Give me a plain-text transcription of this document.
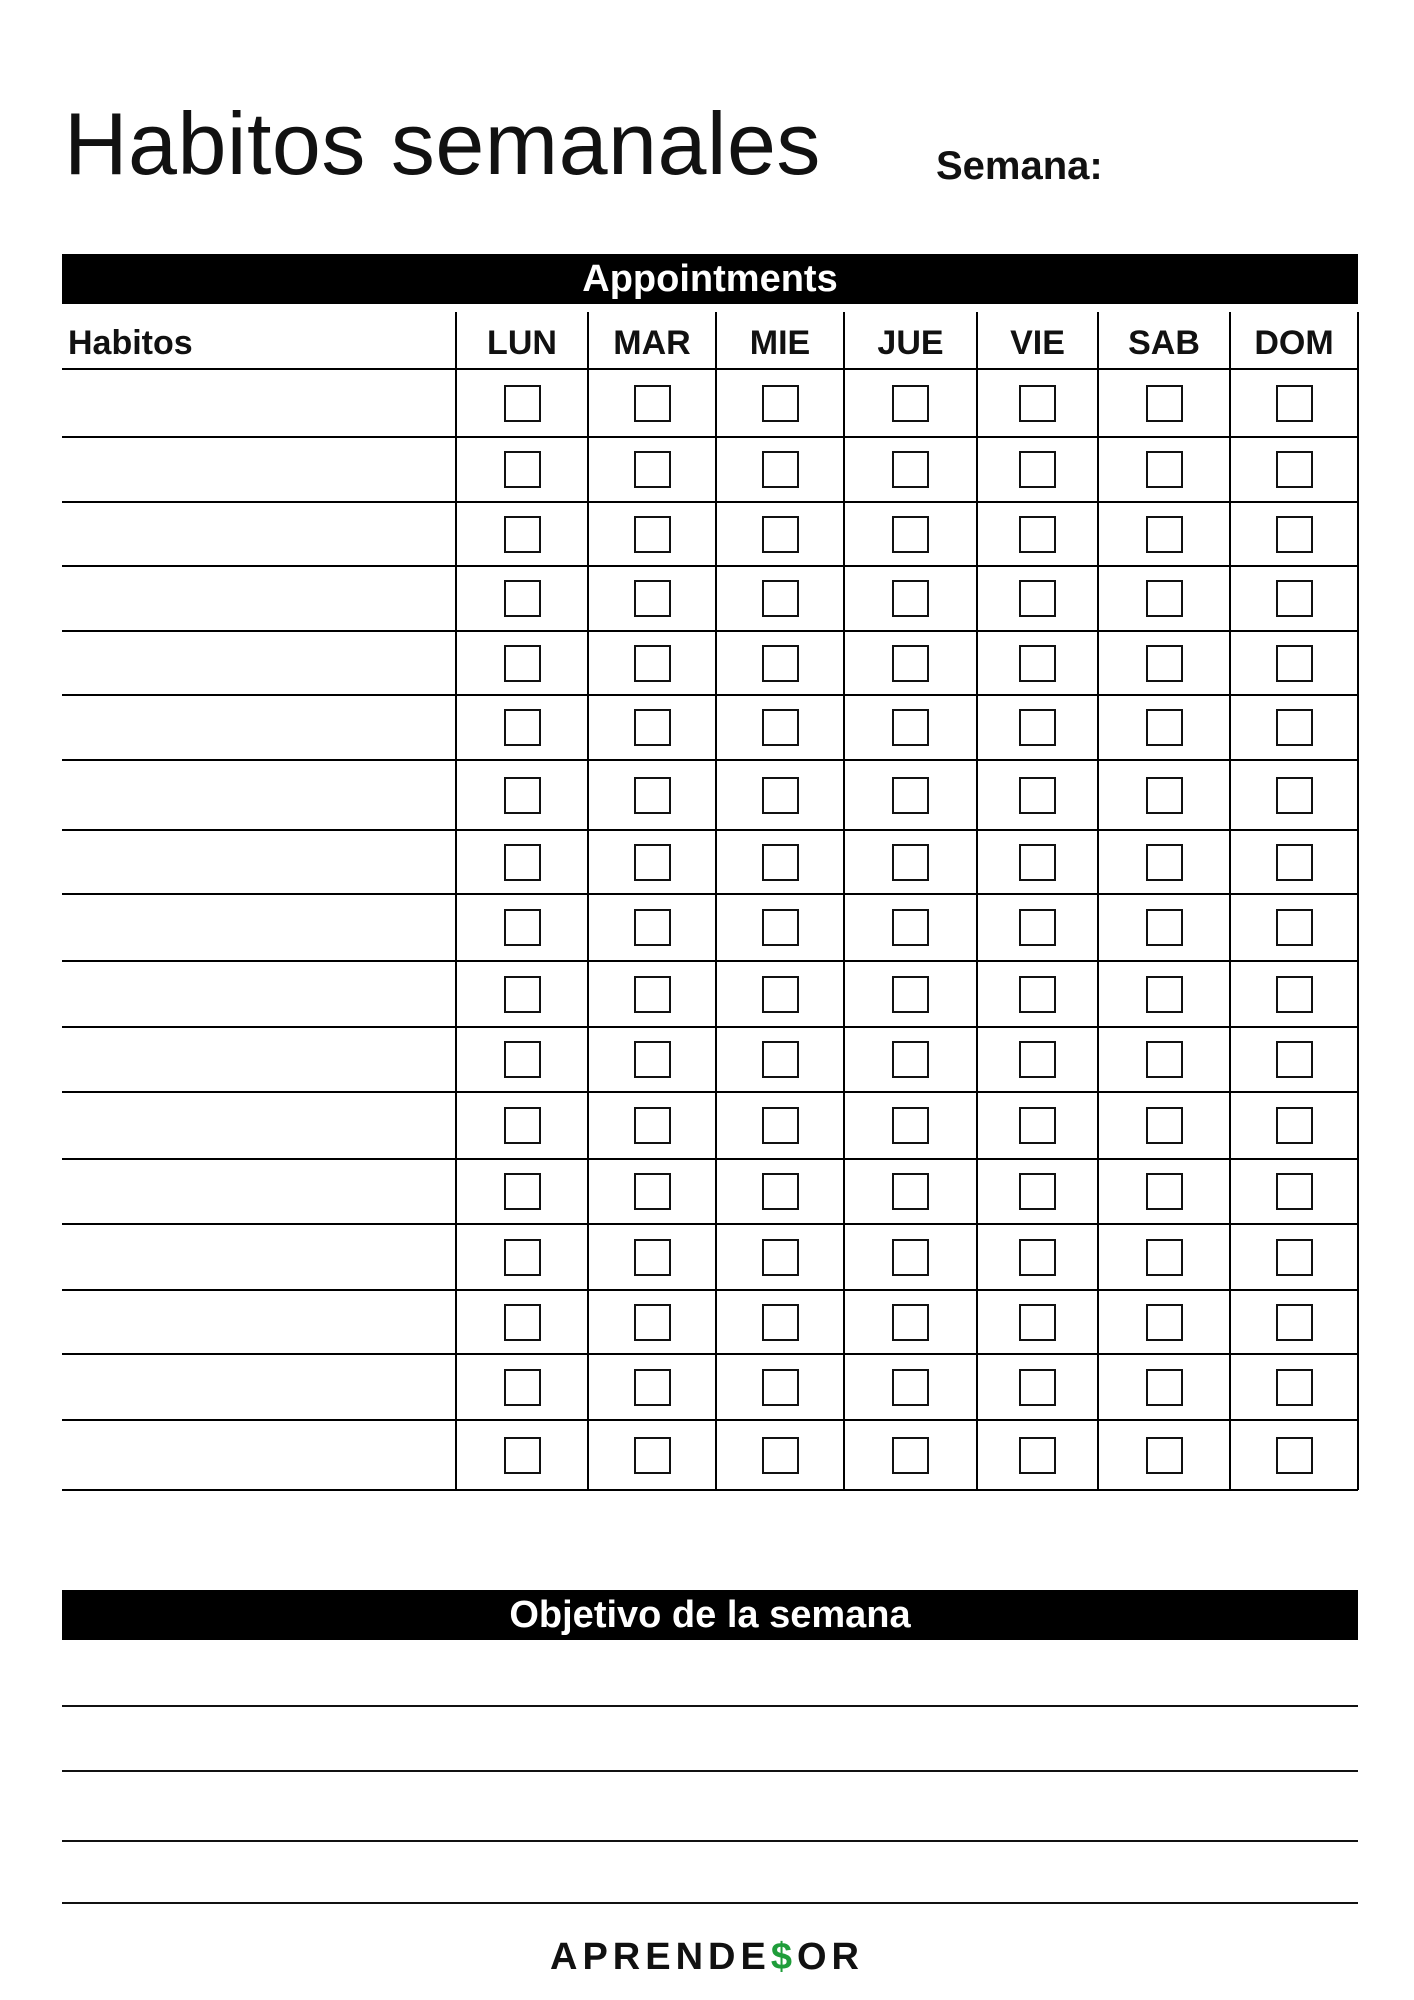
Habitos semanales	Semana:
Appointments
Habitos	LUN	MAR	MIE	JUE	VIE	SAB	DOM
Objetivo de la semana
APRENDE$OR
